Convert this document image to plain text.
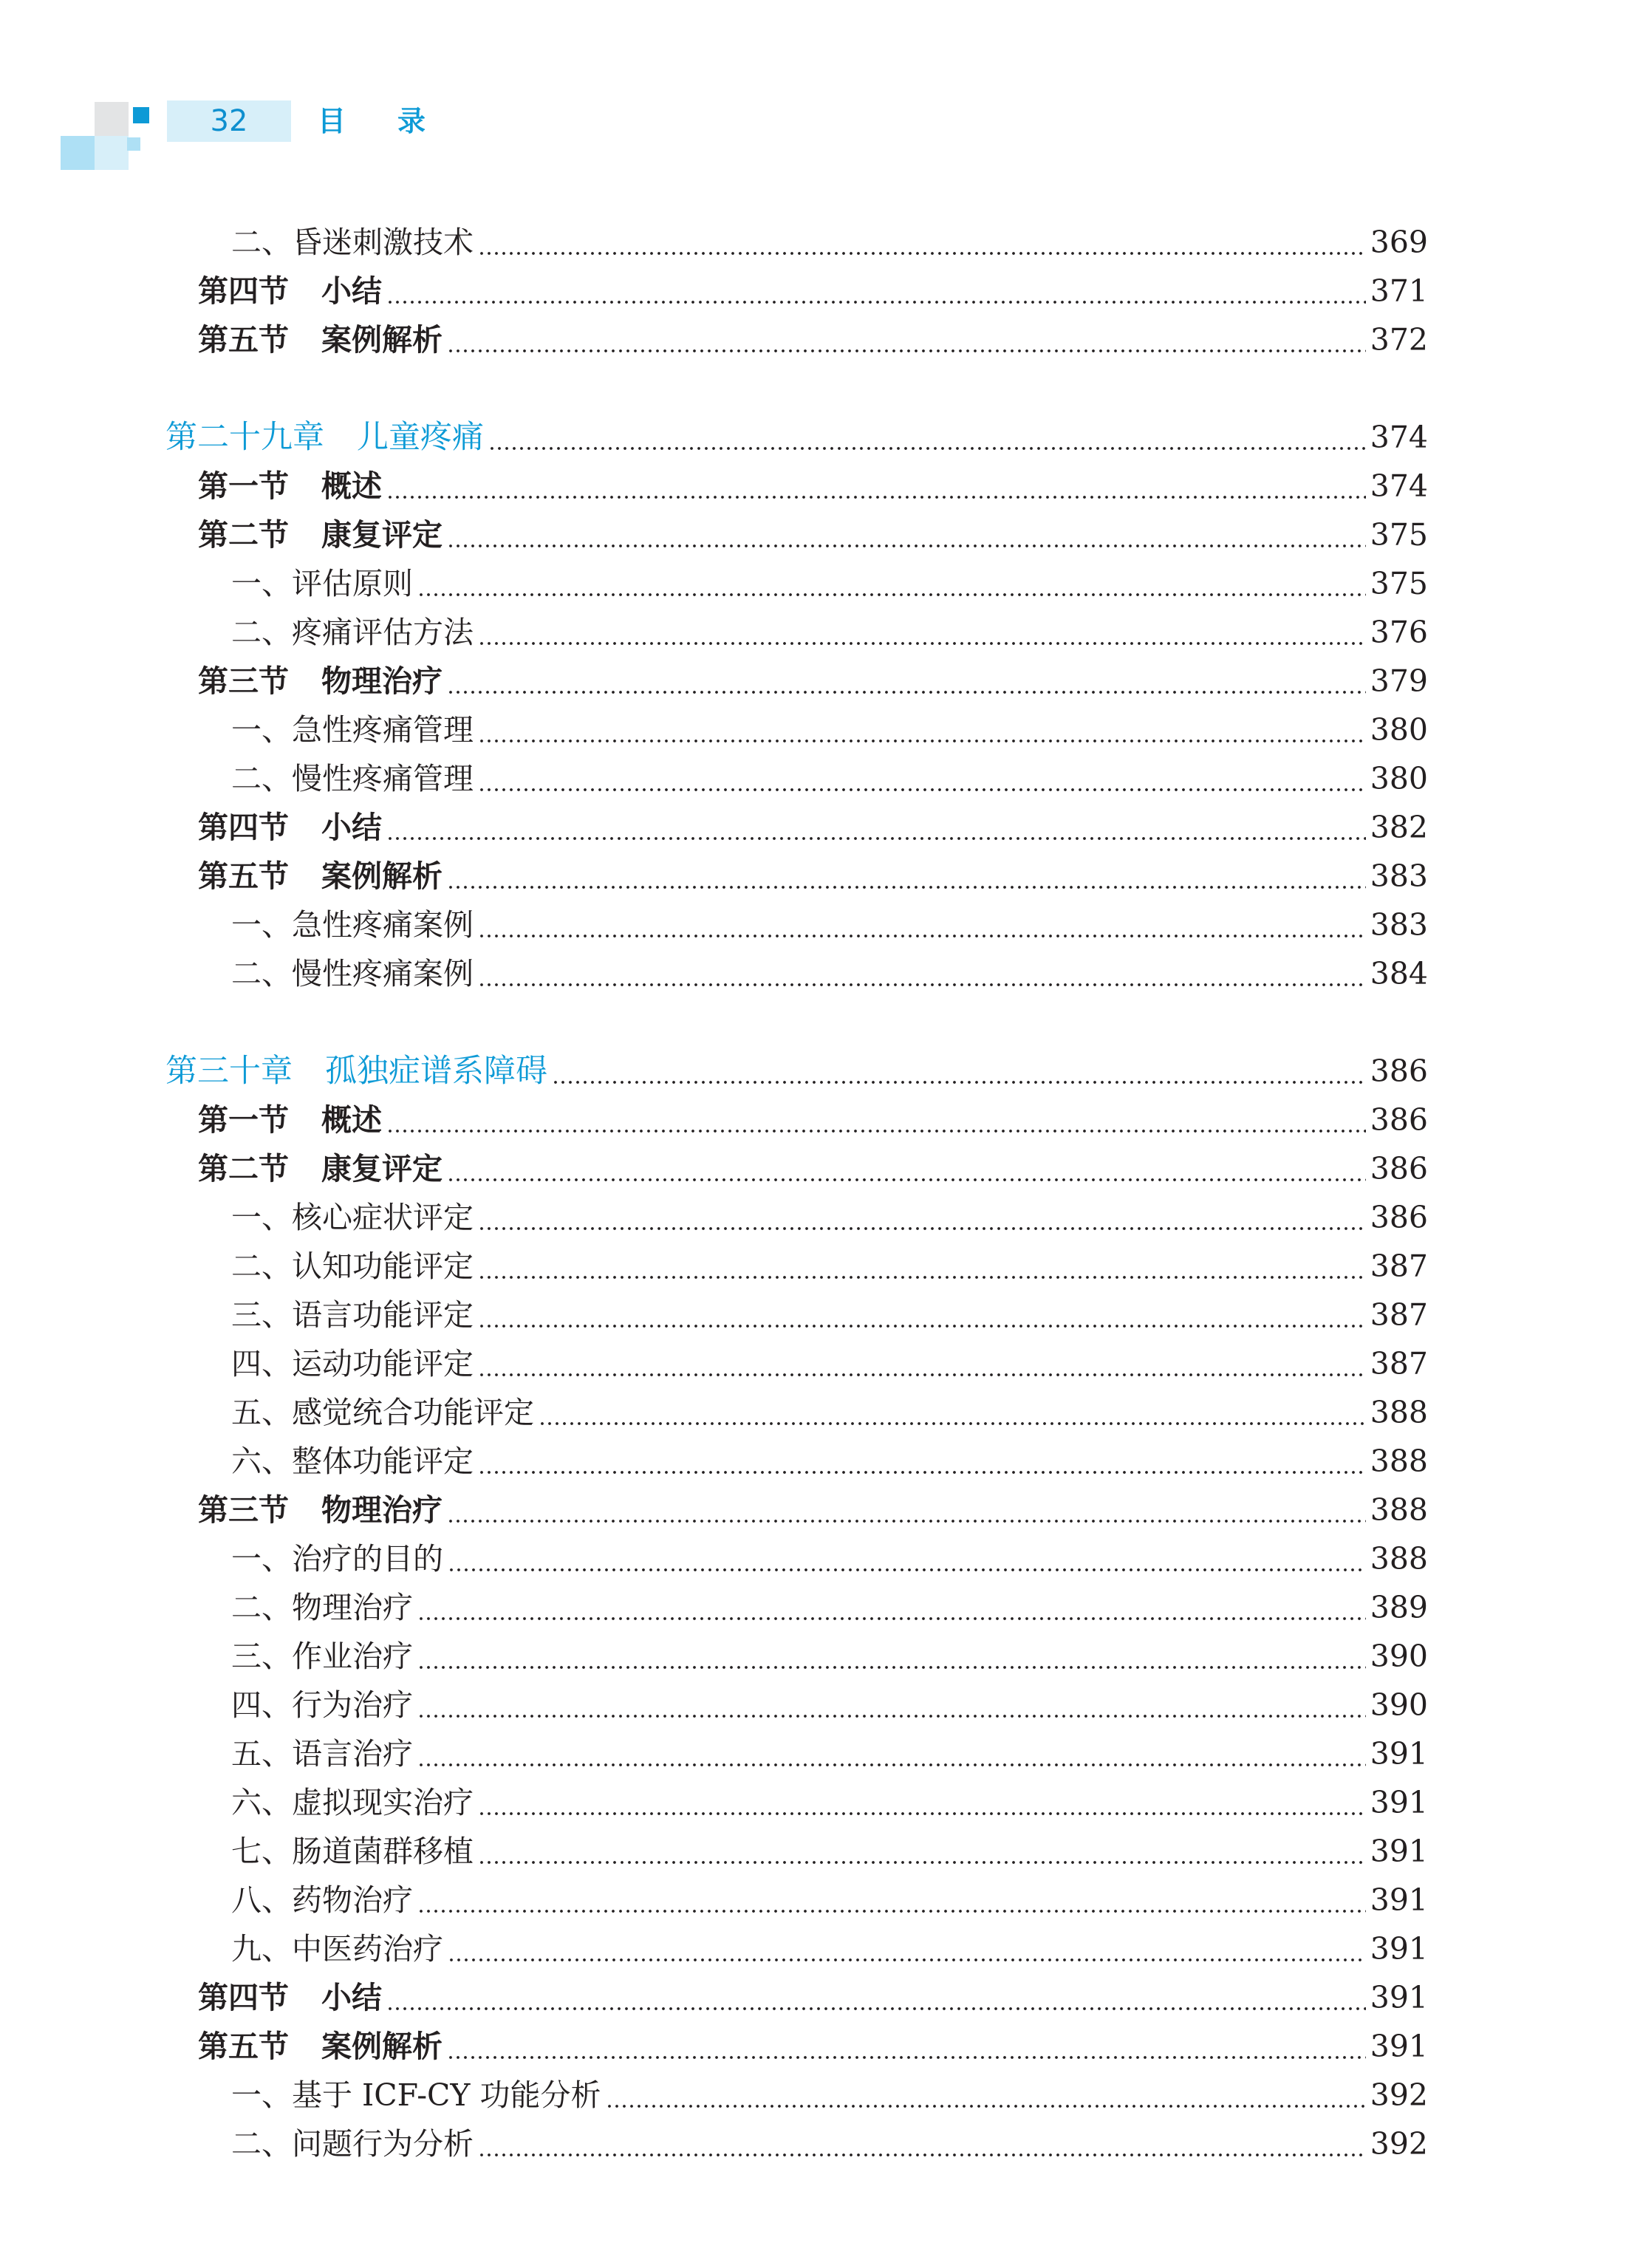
32	目录
二、昏迷刺激技术	369
第四节 小结	371
第五节 案例解析	372
第二十九章 儿童疼痛	374
第一节 概述	374
第二节 康复评定	375
一、评估原则	375
二、疼痛评估方法	376
第三节 物理治疗	379
一、急性疼痛管理	380
二、慢性疼痛管理	380
第四节 小结	382
第五节 案例解析	383
一、急性疼痛案例	383
二、慢性疼痛案例	384
第三十章 孤独症谱系障碍	386
第一节 概述	386
第二节 康复评定	386
一、核心症状评定	386
二、认知功能评定	387
三、语言功能评定	387
四、运动功能评定	387
五、感觉统合功能评定	388
六、整体功能评定	388
第三节 物理治疗	388
一、治疗的目的	388
二、物理治疗	389
三、作业治疗	390
四、行为治疗	390
五、语言治疗	391
六、虚拟现实治疗	391
七、肠道菌群移植	391
八、药物治疗	391
九、中医药治疗	391
第四节 小结	391
第五节 案例解析	391
一、基于 ICF-CY 功能分析	392
二、问题行为分析	392
